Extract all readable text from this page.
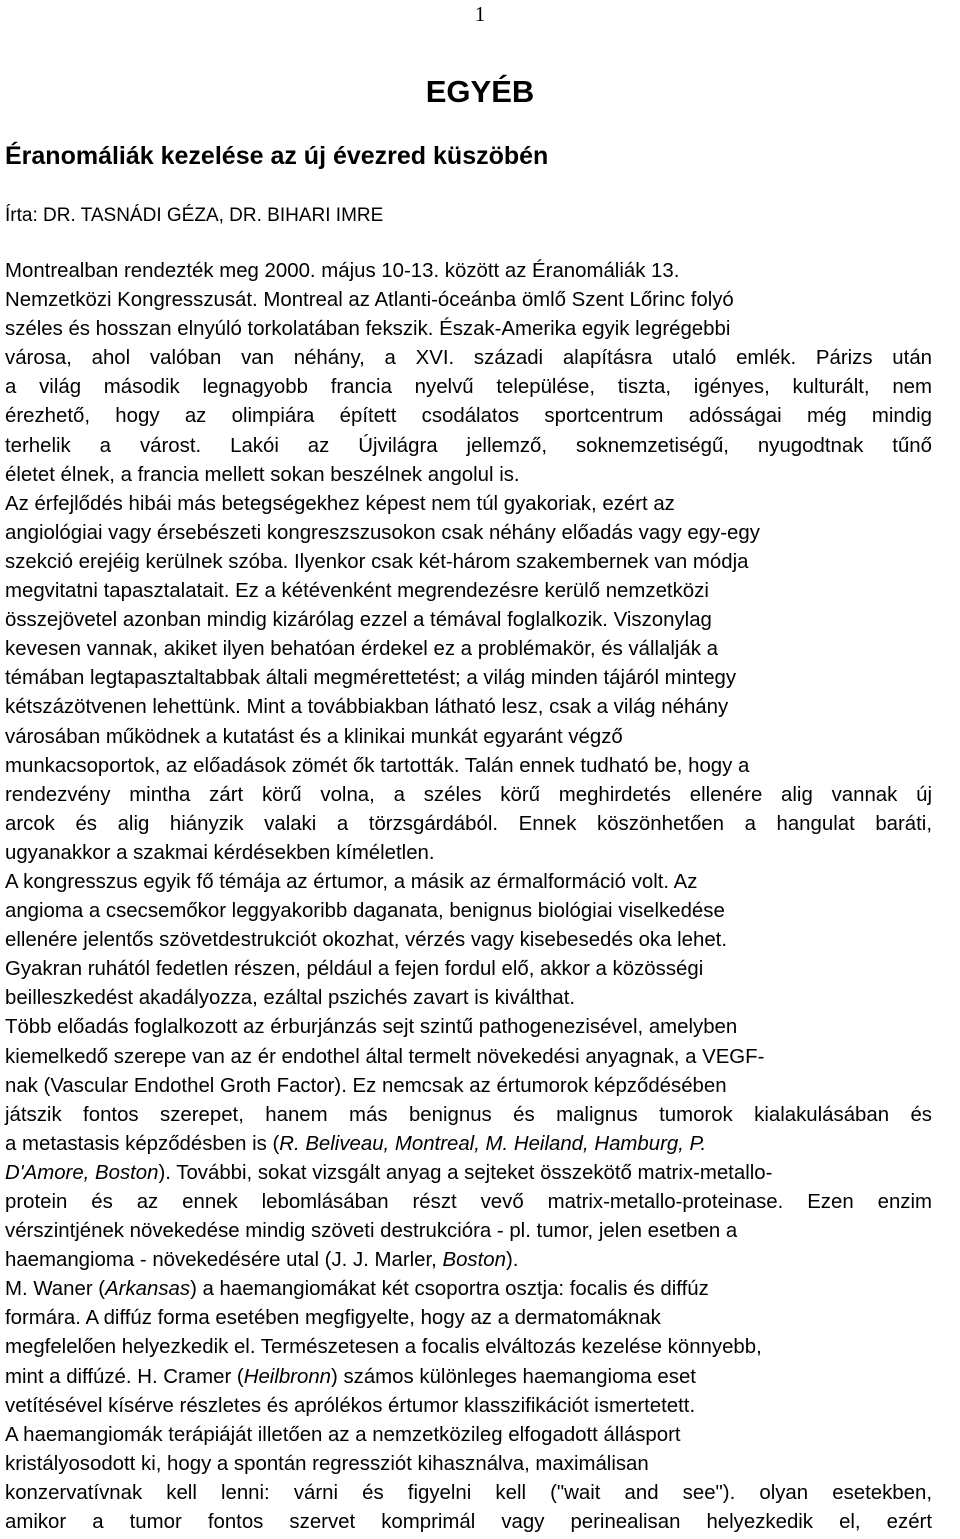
1
EGYÉB
Éranomáliák kezelése az új évezred küszöbén
Írta: DR. TASNÁDI GÉZA, DR. BIHARI IMRE
Montrealban rendezték meg 2000. május 10-13. között az Éranomáliák 13.
Nemzetközi Kongresszusát. Montreal az Atlanti-óceánba ömlő Szent Lőrinc folyó
széles és hosszan elnyúló torkolatában fekszik. Észak-Amerika egyik legrégebbi
városa, ahol valóban van néhány, a XVI. századi alapításra utaló emlék. Párizs után
a világ második legnagyobb francia nyelvű települése, tiszta, igényes, kulturált, nem
érezhető, hogy az olimpiára épített csodálatos sportcentrum adósságai még mindig
terhelik a várost. Lakói az Újvilágra jellemző, soknemzetiségű, nyugodtnak tűnő
életet élnek, a francia mellett sokan beszélnek angolul is.
Az érfejlődés hibái más betegségekhez képest nem túl gyakoriak, ezért az
angiológiai vagy érsebészeti kongreszszusokon csak néhány előadás vagy egy-egy
szekció erejéig kerülnek szóba. Ilyenkor csak két-három szakembernek van módja
megvitatni tapasztalatait. Ez a kétévenként megrendezésre kerülő nemzetközi
összejövetel azonban mindig kizárólag ezzel a témával foglalkozik. Viszonylag
kevesen vannak, akiket ilyen behatóan érdekel ez a problémakör, és vállalják a
témában legtapasztaltabbak általi megmérettetést; a világ minden tájáról mintegy
kétszázötvenen lehettünk. Mint a továbbiakban látható lesz, csak a világ néhány
városában működnek a kutatást és a klinikai munkát egyaránt végző
munkacsoportok, az előadások zömét ők tartották. Talán ennek tudható be, hogy a
rendezvény mintha zárt körű volna, a széles körű meghirdetés ellenére alig vannak új
arcok és alig hiányzik valaki a törzsgárdából. Ennek köszönhetően a hangulat baráti,
ugyanakkor a szakmai kérdésekben kíméletlen.
A kongresszus egyik fő témája az értumor, a másik az érmalformáció volt. Az
angioma a csecsemőkor leggyakoribb daganata, benignus biológiai viselkedése
ellenére jelentős szövetdestrukciót okozhat, vérzés vagy kisebesedés oka lehet.
Gyakran ruhától fedetlen részen, például a fejen fordul elő, akkor a közösségi
beilleszkedést akadályozza, ezáltal pszichés zavart is kiválthat.
Több előadás foglalkozott az érburjánzás sejt szintű pathogenezisével, amelyben
kiemelkedő szerepe van az ér endothel által termelt növekedési anyagnak, a VEGF-
nak (Vascular Endothel Groth Factor). Ez nemcsak az értumorok képződésében
játszik fontos szerepet, hanem más benignus és malignus tumorok kialakulásában és
a metastasis képződésben is (R. Beliveau, Montreal, M. Heiland, Hamburg, P.
D'Amore, Boston). További, sokat vizsgált anyag a sejteket összekötő matrix-metallo-
protein és az ennek lebomlásában részt vevő matrix-metallo-proteinase. Ezen enzim
vérszintjének növekedése mindig szöveti destrukcióra - pl. tumor, jelen esetben a
haemangioma - növekedésére utal (J. J. Marler, Boston).
M. Waner (Arkansas) a haemangiomákat két csoportra osztja: focalis és diffúz
formára. A diffúz forma esetében megfigyelte, hogy az a dermatomáknak
megfelelően helyezkedik el. Természetesen a focalis elváltozás kezelése könnyebb,
mint a diffúzé. H. Cramer (Heilbronn) számos különleges haemangioma eset
vetítésével kísérve részletes és aprólékos értumor klasszifikációt ismertetett.
A haemangiomák terápiáját illetően az a nemzetközileg elfogadott állásport
kristályosodott ki, hogy a spontán regressziót kihasználva, maximálisan
konzervatívnak kell lenni: várni és figyelni kell ("wait and see"). olyan esetekben,
amikor a tumor fontos szervet komprimál vagy perinealisan helyezkedik el, ezért
